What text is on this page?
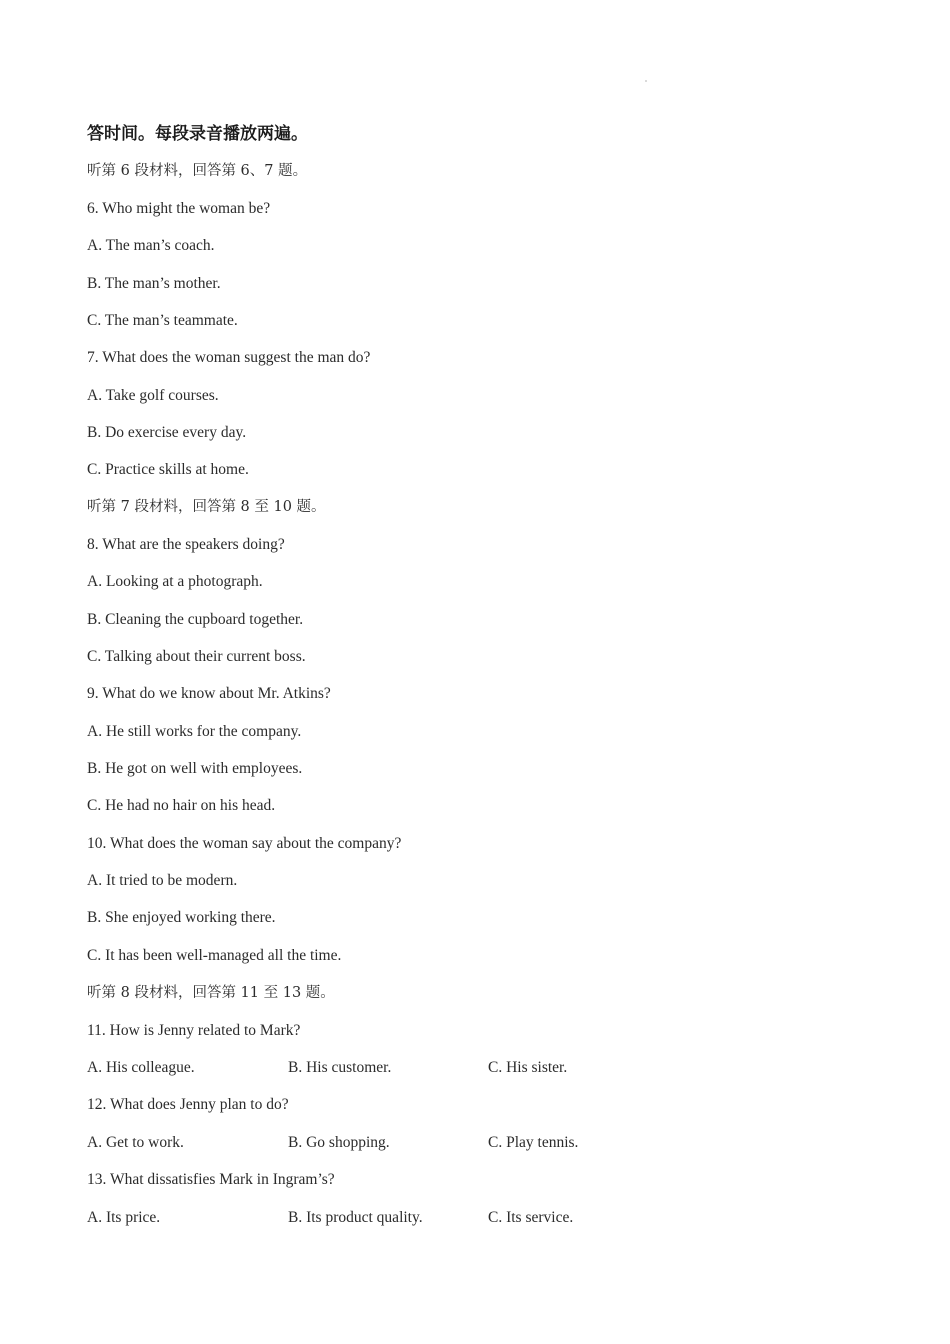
答时间。每段录音播放两遍。
听第 6 段材料，回答第 6、7 题。
6. Who might the woman be?
A. The man’s coach.
B. The man’s mother.
C. The man’s teammate.
7. What does the woman suggest the man do?
A. Take golf courses.
B. Do exercise every day.
C. Practice skills at home.
听第 7 段材料，回答第 8 至 10 题。
8. What are the speakers doing?
A. Looking at a photograph.
B. Cleaning the cupboard together.
C. Talking about their current boss.
9. What do we know about Mr. Atkins?
A. He still works for the company.
B. He got on well with employees.
C. He had no hair on his head.
10. What does the woman say about the company?
A. It tried to be modern.
B. She enjoyed working there.
C. It has been well-managed all the time.
听第 8 段材料，回答第 11 至 13 题。
11. How is Jenny related to Mark?
A. His colleague.	B. His customer.	C. His sister.
12. What does Jenny plan to do?
A. Get to work.	B. Go shopping.	C. Play tennis.
13. What dissatisfies Mark in Ingram’s?
A. Its price.	B. Its product quality.	C. Its service.
